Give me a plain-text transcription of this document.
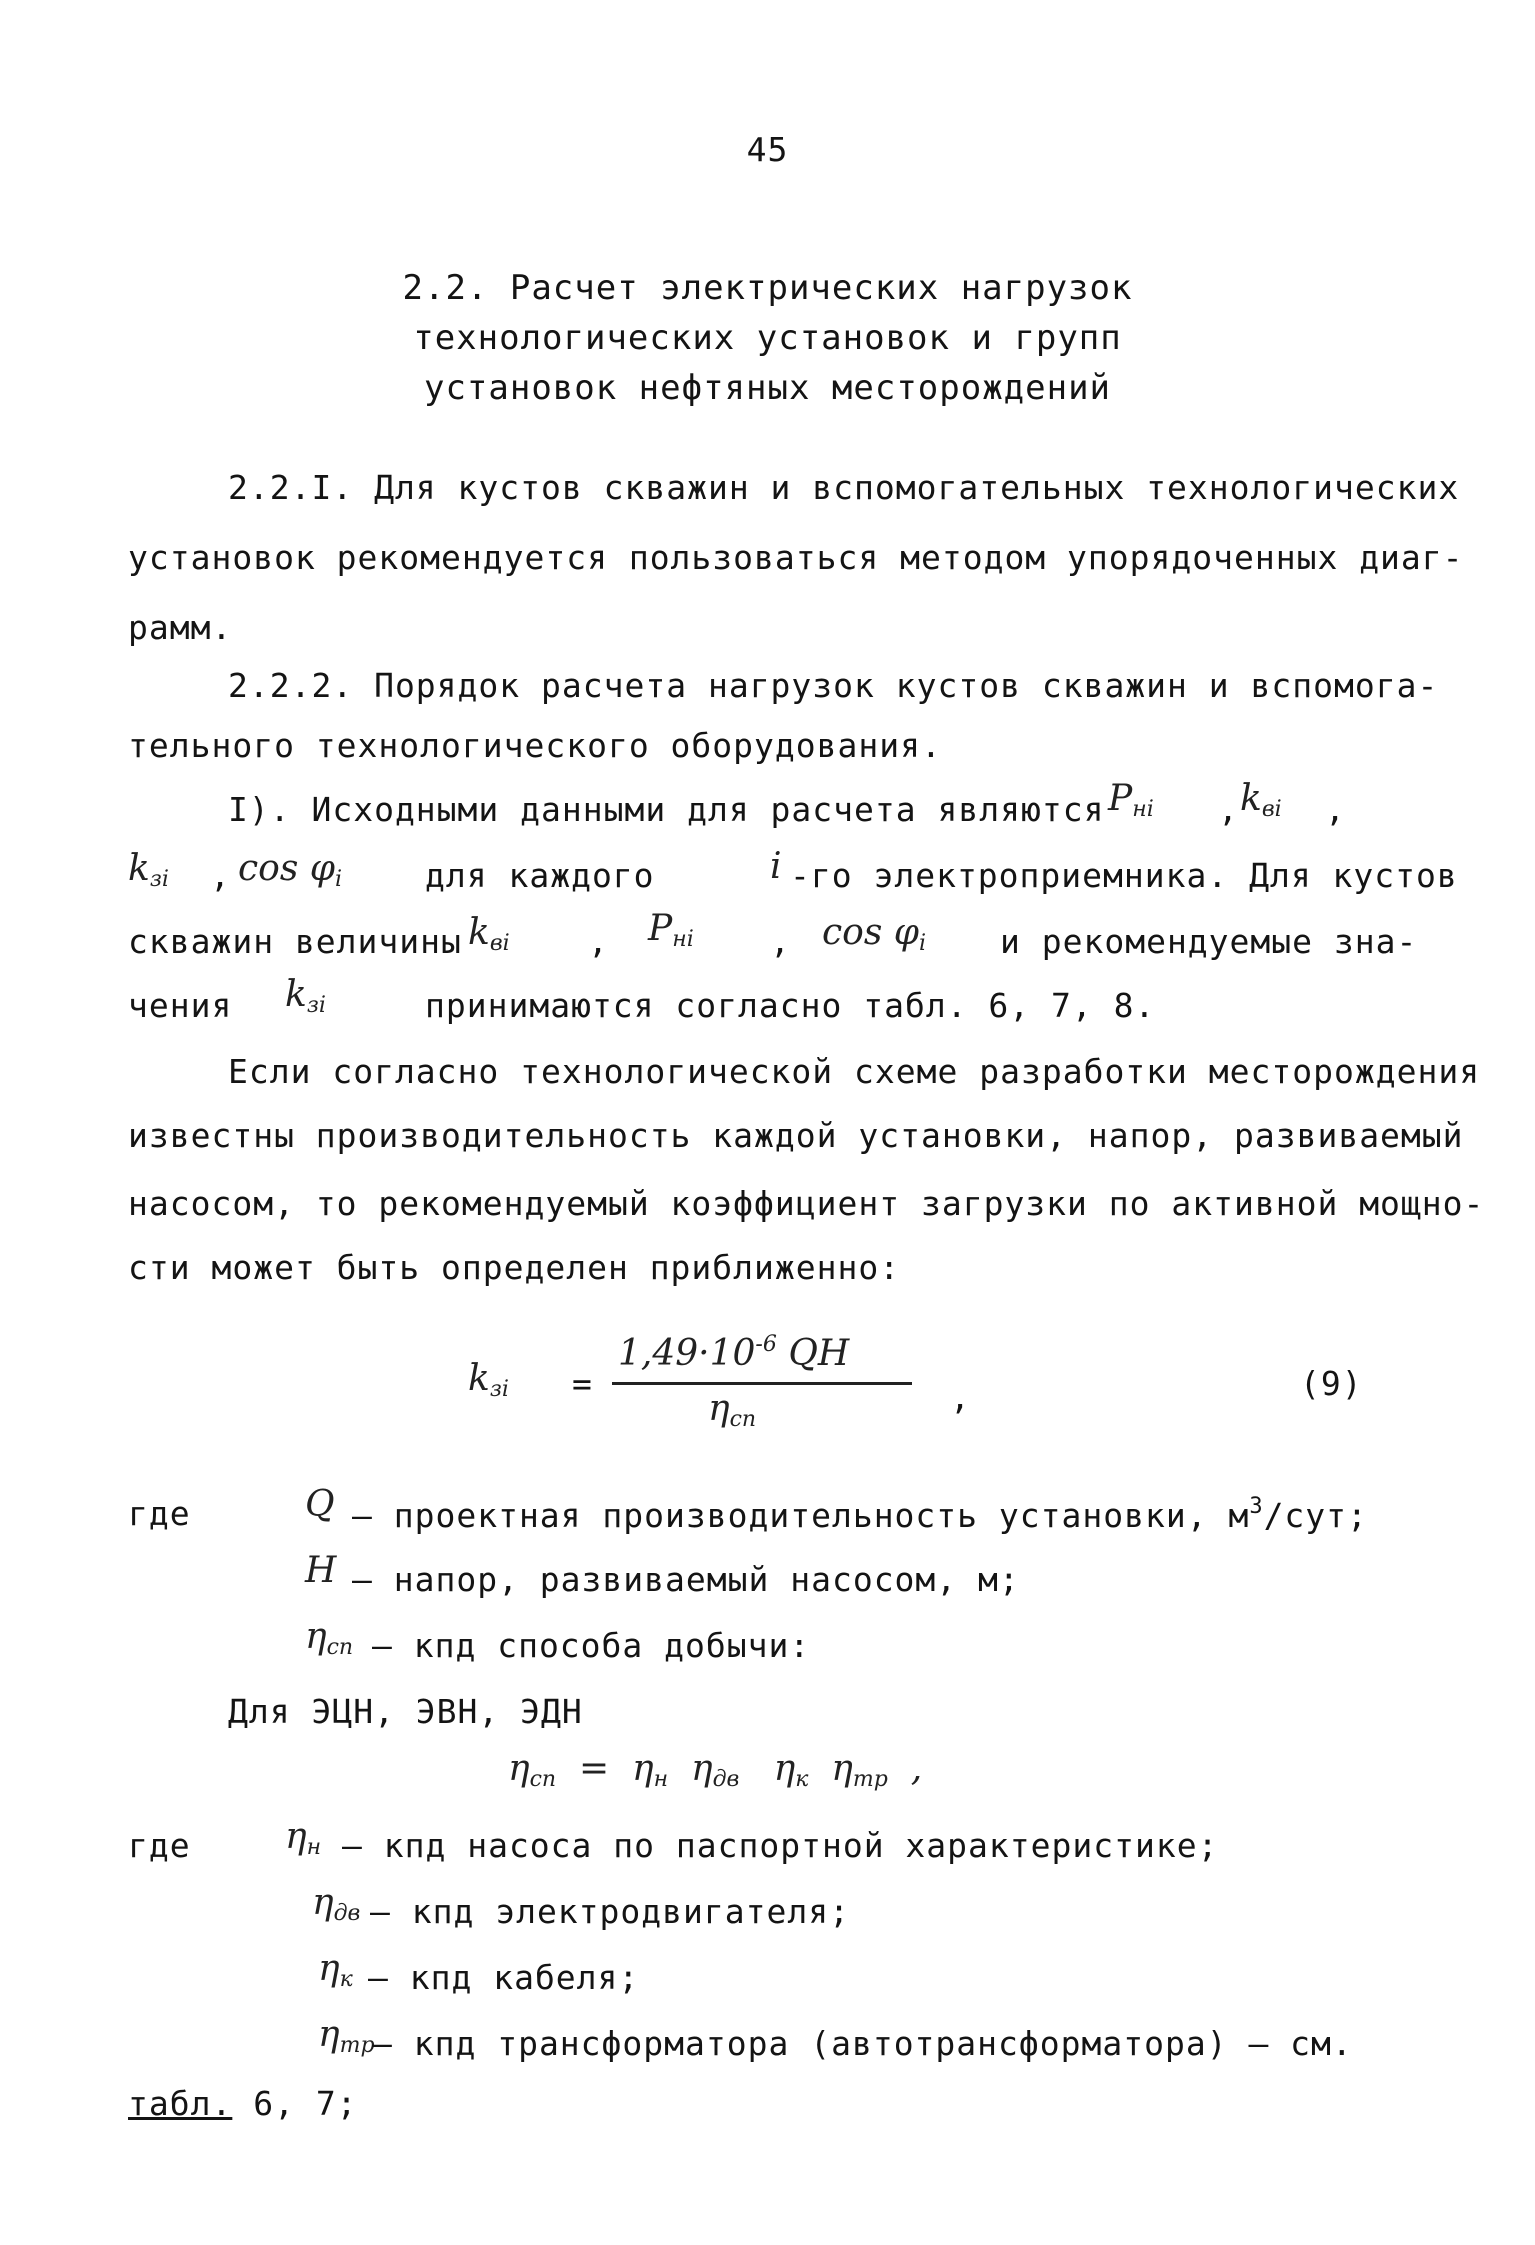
45
2.2. Расчет электрических нагрузок
технологических установок и групп
установок нефтяных месторождений
2.2.I. Для кустов скважин и вспомогательных технологических
установок рекомендуется пользоваться методом упорядоченных диаг-
рамм.
2.2.2. Порядок расчета нагрузок кустов скважин и вспомога-
тельного технологического оборудования.
I). Исходными данными для расчета являются $P_{нi}$ , $k_{вi}$ ,
$k_{зi}$ , $\cos \varphi_i$	для каждого	i -го электроприемника. Для кустов
скважин величины $k_{вi}$ , $P_{нi}$ , $\cos \varphi_i$ и рекомендуемые зна-
чения $k_{зi}$	принимаются согласно табл. 6, 7, 8.
Если согласно технологической схеме разработки месторождения
известны производительность каждой установки, напор, развиваемый
насосом, то рекомендуемый коэффициент загрузки по активной мощно-
сти может быть определен приближенно:
$k_{зi}$ =
$1,49\cdot 10^{-6}$ QH
$\eta_{сп}$
,	(9)
где	Q – проектная производительность установки, $м^3$/сут;
H – напор, развиваемый насосом, м;
$\eta_{сп}$ – кпд способа добычи:
Для ЭЦН, ЭВН, ЭДН
$\eta_{сп} = \eta_н$ $\eta_{дв}$ $\eta_к$ $\eta_{тр}$ ,
где	$\eta_н$ – кпд насоса по паспортной характеристике;
$\eta_{дв}$ – кпд электродвигателя;
$\eta_к$ – кпд кабеля;
$\eta_{тр}$
– кпд трансформатора (автотрансформатора) – см.
табл. 6, 7;
